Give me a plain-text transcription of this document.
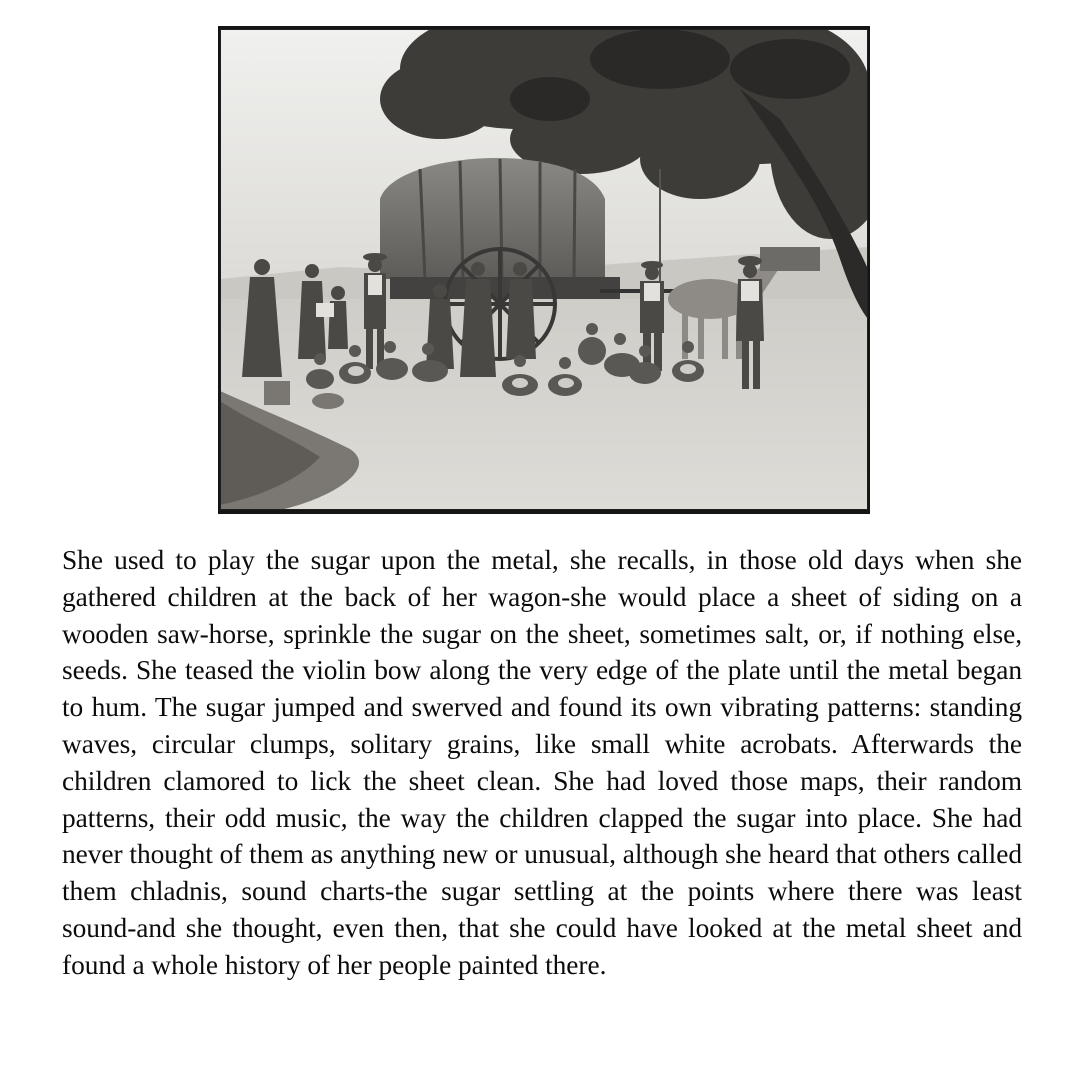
She used to play the sugar upon the metal, she recalls, in those old days when she gathered children at the back of her wagon-she would place a sheet of siding on a wooden saw-horse, sprinkle the sugar on the sheet, sometimes salt, or, if nothing else, seeds. She teased the violin bow along the very edge of the plate until the metal began to hum. The sugar jumped and swerved and found its own vibrating patterns: standing waves, circular clumps, solitary grains, like small white acrobats. Afterwards the children clamored to lick the sheet clean. She had loved those maps, their random patterns, their odd music, the way the children clapped the sugar into place. She had never thought of them as anything new or unusual, although she heard that others called them chladnis, sound charts-the sugar settling at the points where there was least sound-and she thought, even then, that she could have looked at the metal sheet and found a whole history of her people painted there.
